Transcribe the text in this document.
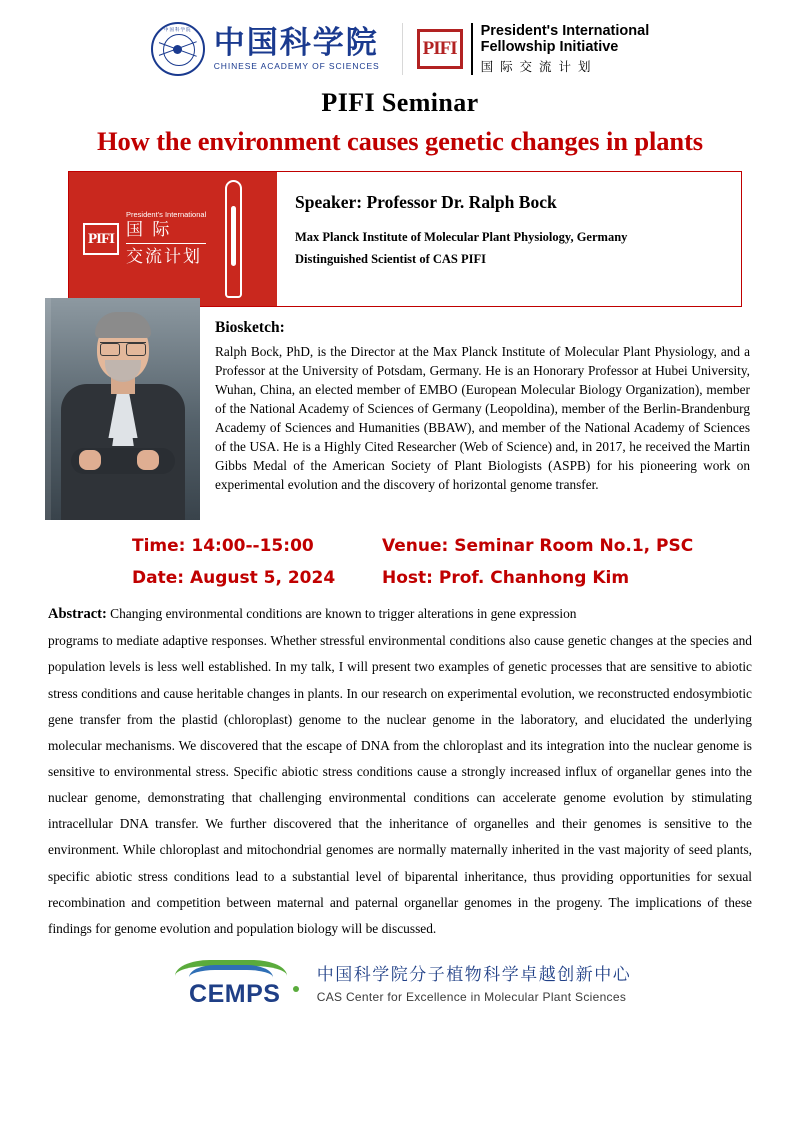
中国科学院 中国科学院
CHINESE ACADEMY OF SCIENCES
PIFI
President's International
Fellowship Initiative
国 际 交 流 计 划
PIFI Seminar
How the environment causes genetic changes in plants
PIFI
President's International
国 际
交流计划
Speaker: Professor Dr. Ralph Bock
Max Planck Institute of Molecular Plant Physiology, Germany
Distinguished Scientist of CAS PIFI
Biosketch:
Ralph Bock, PhD, is the Director at the Max Planck Institute of Molecular Plant Physiology, and a Professor at the University of Potsdam, Germany. He is an Honorary Professor at Hubei University, Wuhan, China, an elected member of EMBO (European Molecular Biology Organization), member of the National Academy of Sciences of Germany (Leopoldina), member of the Berlin-Brandenburg Academy of Sciences and Humanities (BBAW), and member of the National Academy of Sciences of the USA. He is a Highly Cited Researcher (Web of Science) and, in 2017, he received the Martin Gibbs Medal of the American Society of Plant Biologists (ASPB) for his pioneering work on experimental evolution and the discovery of horizontal genome transfer.
Time: 14:00--15:00	Venue: Seminar Room No.1, PSC
Date: August 5, 2024	Host: Prof. Chanhong Kim
Abstract: Changing environmental conditions are known to trigger alterations in gene expression
programs to mediate adaptive responses. Whether stressful environmental conditions also cause genetic changes at the species and population levels is less well established. In my talk, I will present two examples of genetic processes that are sensitive to abiotic stress conditions and cause heritable changes in plants. In our research on experimental evolution, we reconstructed endosymbiotic gene transfer from the plastid (chloroplast) genome to the nuclear genome in the laboratory, and elucidated the underlying molecular mechanisms. We discovered that the escape of DNA from the chloroplast and its integration into the nuclear genome is sensitive to environmental stress. Specific abiotic stress conditions cause a strongly increased influx of organellar genes into the nuclear genome, demonstrating that challenging environmental conditions can accelerate genome evolution by stimulating intracellular DNA transfer. We further discovered that the inheritance of organelles and their genomes is sensitive to the environment. While chloroplast and mitochondrial genomes are normally maternally inherited in the vast majority of seed plants, specific abiotic stress conditions lead to a substantial level of biparental inheritance, thus providing opportunities for sexual recombination and competition between maternal and paternal organellar genomes in the progeny. The implications of these findings for genome evolution and population biology will be discussed.
CEMPS
中国科学院分子植物科学卓越创新中心
CAS Center for Excellence in Molecular Plant Sciences
